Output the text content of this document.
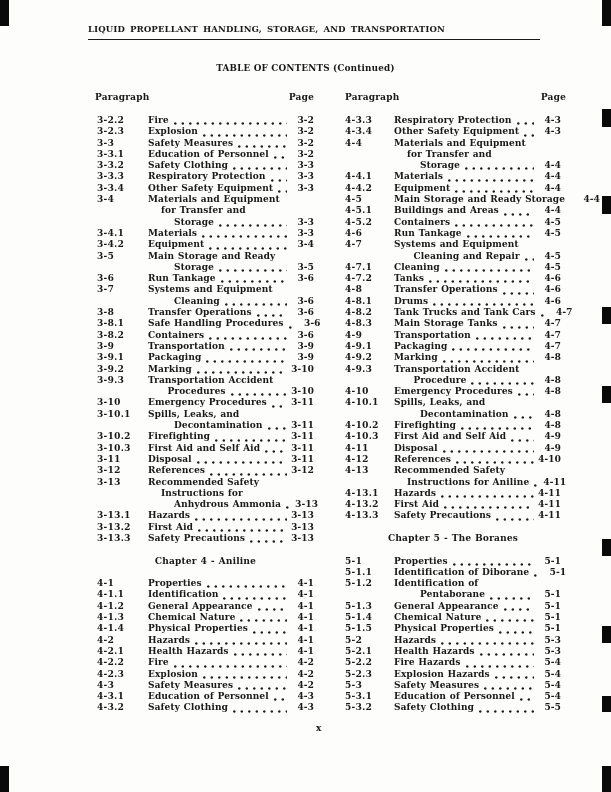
LIQUID PROPELLANT HANDLING, STORAGE, AND TRANSPORTATION
TABLE OF CONTENTS (Continued)
Paragraph	Page	Paragraph	Page
3-2.2	Fire	3-2
3-2.3	Explosion	3-2
3-3	Safety Measures	3-2
3-3.1	Education of Personnel	3-2
3-3.2	Safety Clothing	3-3
3-3.3	Respiratory Protection	3-3
3-3.4	Other Safety Equipment	3-3
3-4	Materials and Equipment
for Transfer and
Storage	3-3
3-4.1	Materials	3-3
3-4.2	Equipment	3-4
3-5	Main Storage and Ready
Storage	3-5
3-6	Run Tankage	3-6
3-7	Systems and Equipment
Cleaning	3-6
3-8	Transfer Operations	3-6
3-8.1	Safe Handling Procedures	3-6
3-8.2	Containers	3-6
3-9	Transportation	3-9
3-9.1	Packaging	3-9
3-9.2	Marking	3-10
3-9.3	Transportation Accident
Procedures	3-10
3-10	Emergency Procedures	3-11
3-10.1	Spills, Leaks, and
Decontamination	3-11
3-10.2	Firefighting	3-11
3-10.3	First Aid and Self Aid	3-11
3-11	Disposal	3-11
3-12	References	3-12
3-13	Recommended Safety
Instructions for
Anhydrous Ammonia 3-13
3-13.1	Hazards	3-13
3-13.2	First Aid	3-13
3-13.3	Safety Precautions	3-13
Chapter 4 - Aniline
4-1	Properties	4-1
4-1.1	Identification	4-1
4-1.2	General Appearance	4-1
4-1.3	Chemical Nature	4-1
4-1.4	Physical Properties	4-1
4-2	Hazards	4-1
4-2.1	Health Hazards	4-1
4-2.2	Fire	4-2
4-2.3	Explosion	4-2
4-3	Safety Measures	4-2
4-3.1	Education of Personnel	4-3
4-3.2	Safety Clothing	4-3
4-3.3	Respiratory Protection	4-3
4-3.4	Other Safety Equipment	4-3
4-4	Materials and Equipment
for Transfer and
Storage	4-4
4-4.1	Materials	4-4
4-4.2	Equipment	4-4
4-5	Main Storage and Ready Storage	4-4
4-5.1	Buildings and Areas	4-4
4-5.2	Containers	4-5
4-6	Run Tankage	4-5
4-7	Systems and Equipment
Cleaning and Repair	4-5
4-7.1	Cleaning	4-5
4-7.2	Tanks	4-6
4-8	Transfer Operations	4-6
4-8.1	Drums	4-6
4-8.2	Tank Trucks and Tank Cars	4-7
4-8.3	Main Storage Tanks	4-7
4-9	Transportation	4-7
4-9.1	Packaging	4-7
4-9.2	Marking	4-8
4-9.3	Transportation Accident
Procedure	4-8
4-10	Emergency Procedures	4-8
4-10.1	Spills, Leaks, and
Decontamination	4-8
4-10.2	Firefighting	4-8
4-10.3	First Aid and Self Aid	4-9
4-11	Disposal	4-9
4-12	References	4-10
4-13	Recommended Safety
Instructions for Aniline 4-11
4-13.1	Hazards	4-11
4-13.2	First Aid	4-11
4-13.3	Safety Precautions	4-11
Chapter 5 - The Boranes
5-1	Properties	5-1
5-1.1	Identification of Diborane	5-1
5-1.2	Identification of
Pentaborane	5-1
5-1.3	General Appearance	5-1
5-1.4	Chemical Nature	5-1
5-1.5	Physical Properties	5-1
5-2	Hazards	5-3
5-2.1	Health Hazards	5-3
5-2.2	Fire Hazards	5-4
5-2.3	Explosion Hazards	5-4
5-3	Safety Measures	5-4
5-3.1	Education of Personnel	5-4
5-3.2	Safety Clothing	5-5
x
